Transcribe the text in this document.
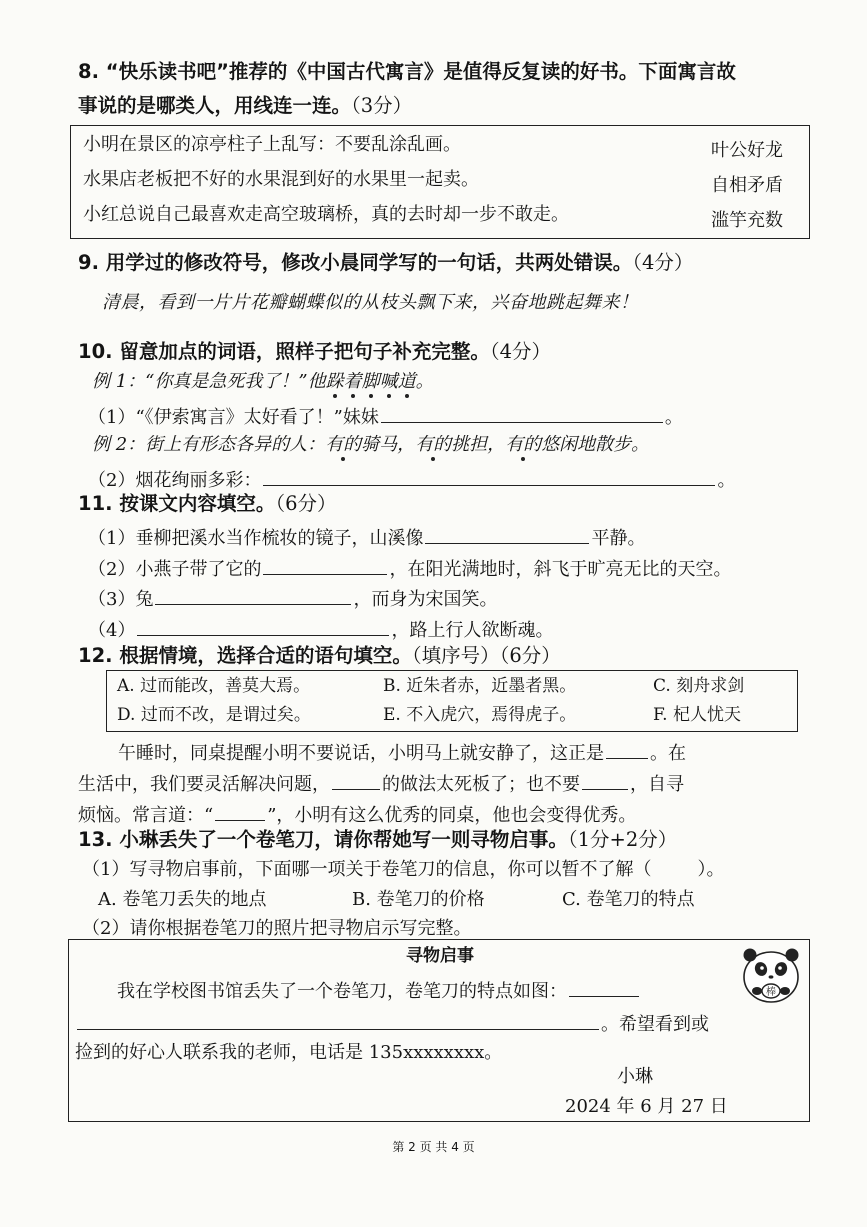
8. “快乐读书吧”推荐的《中国古代寓言》是值得反复读的好书。下面寓言故
事说的是哪类人，用线连一连。（3分）
小明在景区的凉亭柱子上乱写：不要乱涂乱画。
水果店老板把不好的水果混到好的水果里一起卖。
小红总说自己最喜欢走高空玻璃桥，真的去时却一步不敢走。
叶公好龙
自相矛盾
滥竽充数
9. 用学过的修改符号，修改小晨同学写的一句话，共两处错误。（4分）
清晨，看到一片片花瓣蝴蝶似的从枝头飘下来，兴奋地跳起舞来！
10. 留意加点的词语，照样子把句子补充完整。（4分）
例 1：“你真是急死我了！”他跺着脚喊道。
（1）“《伊索寓言》太好看了！”妹妹	。
例 2：街上有形态各异的人：有的骑马，有的挑担，有的悠闲地散步。
（2）烟花绚丽多彩：	。
11. 按课文内容填空。（6分）
（1）垂柳把溪水当作梳妆的镜子，山溪像	平静。
（2）小燕子带了它的	，在阳光满地时，斜飞于旷亮无比的天空。
（3）兔	，而身为宋国笑。
（4）	，路上行人欲断魂。
12. 根据情境，选择合适的语句填空。（填序号）（6分）
A. 过而能改，善莫大焉。	B. 近朱者赤，近墨者黑。	C. 刻舟求剑
D. 过而不改，是谓过矣。	E. 不入虎穴，焉得虎子。	F. 杞人忧天
午睡时，同桌提醒小明不要说话，小明马上就安静了，这正是	。在
生活中，我们要灵活解决问题，	的做法太死板了；也不要	，自寻
烦恼。常言道：“	”，小明有这么优秀的同桌，他也会变得优秀。
13. 小琳丢失了一个卷笔刀，请你帮她写一则寻物启事。（1分+2分）
（1）写寻物启事前，下面哪一项关于卷笔刀的信息，你可以暂不了解（	）。
A. 卷笔刀丢失的地点	B. 卷笔刀的价格	C. 卷笔刀的特点
（2）请你根据卷笔刀的照片把寻物启示写完整。
寻物启事
我在学校图书馆丢失了一个卷笔刀，卷笔刀的特点如图：
。希望看到或
捡到的好心人联系我的老师，电话是 135xxxxxxxx。
小琳
2024 年 6 月 27 日
棒
第 2 页 共 4 页
